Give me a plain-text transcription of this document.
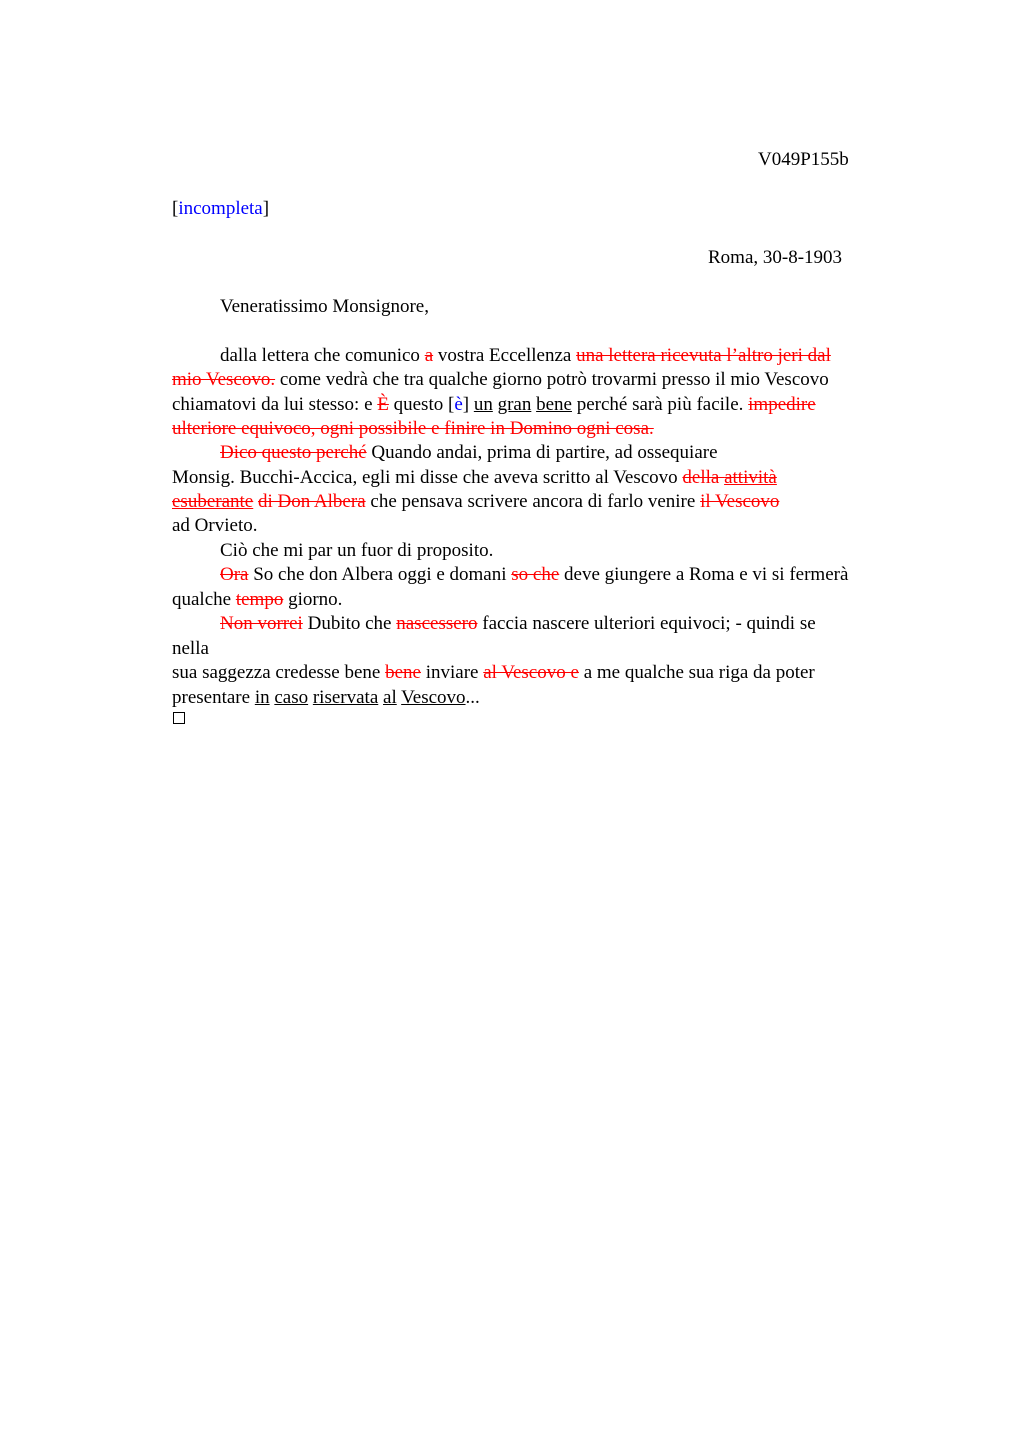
V049P155b
[incompleta]
Roma, 30-8-1903
Veneratissimo Monsignore,
dalla lettera che comunico a vostra Eccellenza una lettera ricevuta l’altro jeri dal
mio Vescovo. come vedrà che tra qualche giorno potrò trovarmi presso il mio Vescovo
chiamatovi da lui stesso: e È questo [è] un gran bene perché sarà più facile. impedire
ulteriore equivoco, ogni possibile e finire in Domino ogni cosa.
Dico questo perché Quando andai, prima di partire, ad ossequiare
Monsig. Bucchi-Accica, egli mi disse che aveva scritto al Vescovo della attività
esuberante di Don Albera che pensava scrivere ancora di farlo venire il Vescovo
ad Orvieto.
Ciò che mi par un fuor di proposito.
Ora So che don Albera oggi e domani so che deve giungere a Roma e vi si fermerà
qualche tempo giorno.
Non vorrei Dubito che nascessero faccia nascere ulteriori equivoci; - quindi se
nella
sua saggezza credesse bene bene inviare al Vescovo e a me qualche sua riga da poter
presentare in caso riservata al Vescovo...
